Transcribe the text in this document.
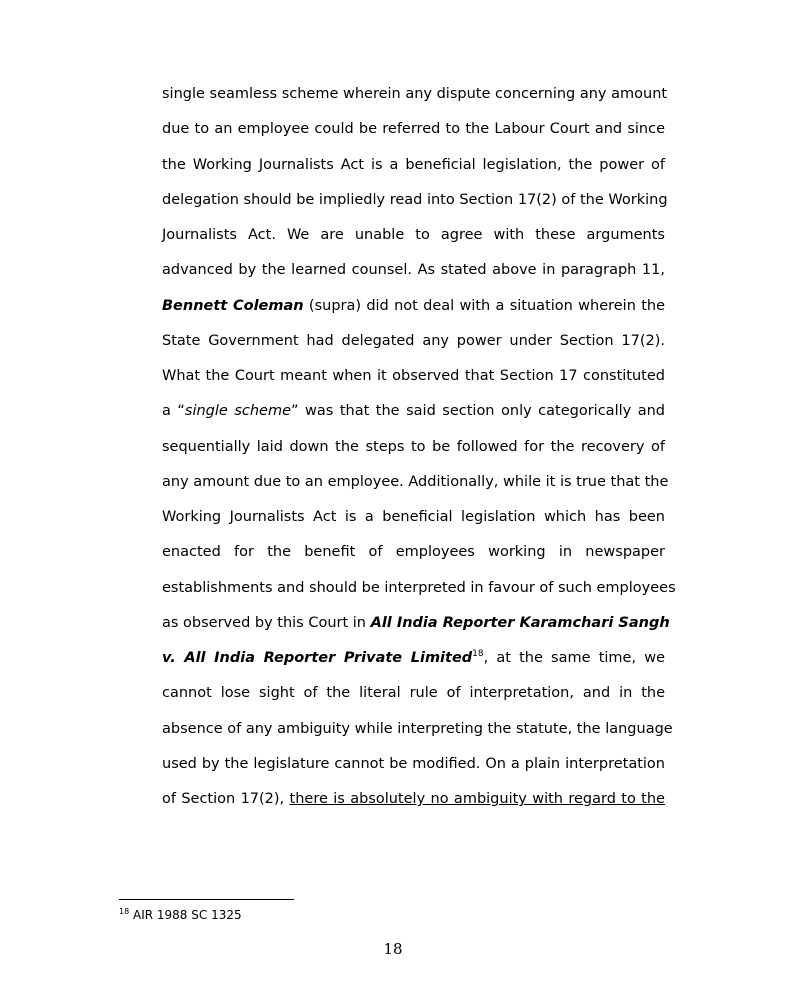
single seamless scheme wherein any dispute concerning any amount
due to an employee could be referred to the Labour Court and since
the Working Journalists Act is a beneficial legislation, the power of
delegation should be impliedly read into Section 17(2) of the Working
Journalists Act. We are unable to agree with these arguments
advanced by the learned counsel. As stated above in paragraph 11,
Bennett Coleman (supra) did not deal with a situation wherein the
State Government had delegated any power under Section 17(2).
What the Court meant when it observed that Section 17 constituted
a “single scheme” was that the said section only categorically and
sequentially laid down the steps to be followed for the recovery of
any amount due to an employee. Additionally, while it is true that the
Working Journalists Act is a beneficial legislation which has been
enacted for the benefit of employees working in newspaper
establishments and should be interpreted in favour of such employees
as observed by this Court in All India Reporter Karamchari Sangh
v. All India Reporter Private Limited$^{18}$, at the same time, we
cannot lose sight of the literal rule of interpretation, and in the
absence of any ambiguity while interpreting the statute, the language
used by the legislature cannot be modified. On a plain interpretation
of Section 17(2), there is absolutely no ambiguity with regard to the
$^{18}$ AIR 1988 SC 1325
18
